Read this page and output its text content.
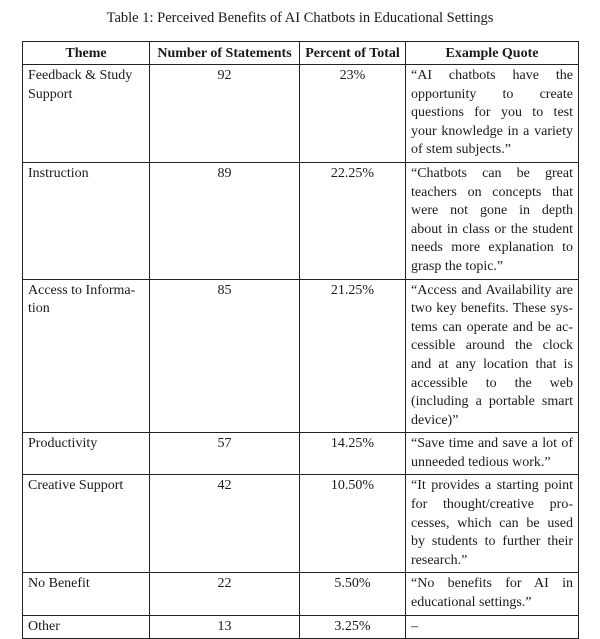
Table 1: Perceived Benefits of AI Chatbots in Educational Settings
Theme	Number of Statements	Percent of Total	Example Quote
Feedback & Study Support	92	23%	“AI chatbots have the opportunity to create questions for you to test your knowledge in a variety of stem subjects.”
Instruction	89	22.25%	“Chatbots can be great teachers on concepts that were not gone in depth about in class or the student needs more explanation to grasp the topic.”
Access to Information	85	21.25%	“Access and Availability are two key benefits. These systems can operate and be accessible around the clock and at any location that is accessible to the web (including a portable smart device)”
Productivity	57	14.25%	“Save time and save a lot of unneeded tedious work.”
Creative Support	42	10.50%	“It provides a starting point for thought/creative processes, which can be used by students to further their research.”
No Benefit	22	5.50%	“No benefits for AI in educational settings.”
Other	13	3.25%	–
